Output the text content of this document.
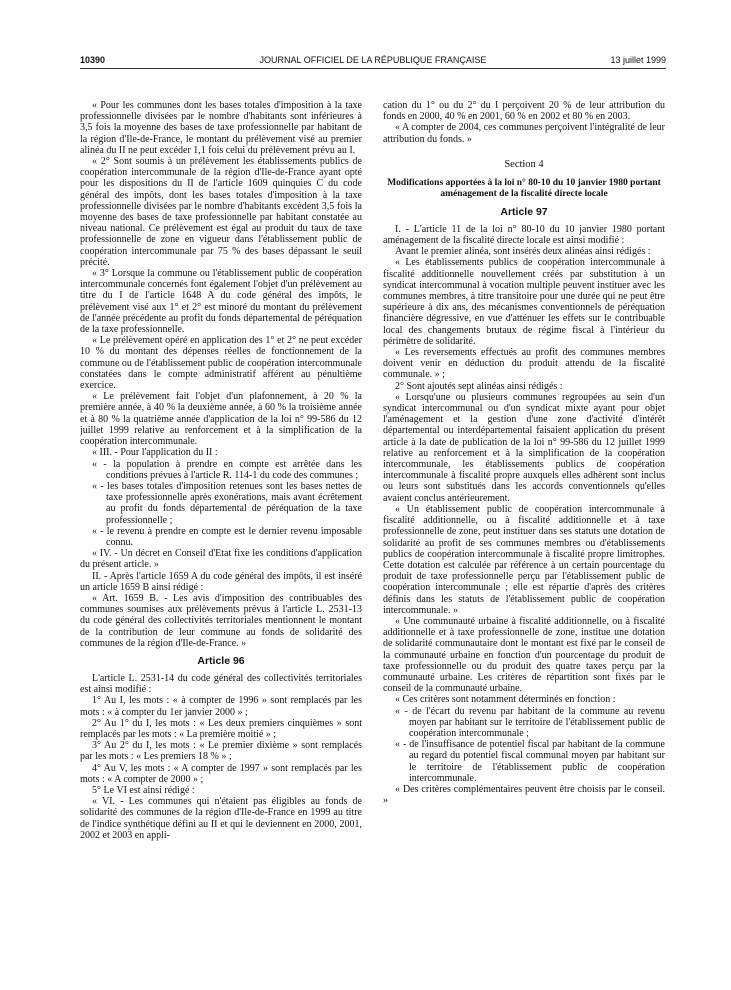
10390	JOURNAL OFFICIEL DE LA RÉPUBLIQUE FRANÇAISE	13 juillet 1999

« Pour les communes dont les bases totales d'imposition à la taxe professionnelle divisées par le nombre d'habitants sont inférieures à 3,5 fois la moyenne des bases de taxe professionnelle par habitant de la région d'Ile-de-France, le montant du prélèvement visé au premier alinéa du II ne peut excéder 1,1 fois celui du prélèvement prévu au I.

« 2° Sont soumis à un prélèvement les établissements publics de coopération intercommunale de la région d'Ile-de-France ayant opté pour les dispositions du II de l'article 1609 quinquies C du code général des impôts, dont les bases totales d'imposition à la taxe professionnelle divisées par le nombre d'habitants excèdent 3,5 fois la moyenne des bases de taxe professionnelle par habitant constatée au niveau national. Ce prélèvement est égal au produit du taux de taxe professionnelle de zone en vigueur dans l'établissement public de coopération intercommunale par 75 % des bases dépassant le seuil précité.

« 3° Lorsque la commune ou l'établissement public de coopération intercommunale concernés font également l'objet d'un prélèvement au titre du I de l'article 1648 A du code général des impôts, le prélèvement visé aux 1° et 2° est minoré du montant du prélèvement de l'année précédente au profit du fonds départemental de péréquation de la taxe professionnelle.

« Le prélèvement opéré en application des 1° et 2° ne peut excéder 10 % du montant des dépenses réelles de fonctionnement de la commune ou de l'établissement public de coopération intercommunale constatées dans le compte administratif afférent au pénultième exercice.

« Le prélèvement fait l'objet d'un plafonnement, à 20 % la première année, à 40 % la deuxième année, à 60 % la troisième année et à 80 % la quatrième année d'application de la loi n° 99-586 du 12 juillet 1999 relative au renforcement et à la simplification de la coopération intercommunale.

« III. - Pour l'application du II :

« - la population à prendre en compte est arrêtée dans les conditions prévues à l'article R. 114-1 du code des communes ;
« - les bases totales d'imposition retenues sont les bases nettes de taxe professionnelle après exonérations, mais avant écrêtement au profit du fonds départemental de péréquation de la taxe professionnelle ;
« - le revenu à prendre en compte est le dernier revenu imposable connu.

« IV. - Un décret en Conseil d'Etat fixe les conditions d'application du présent article. »

II. - Après l'article 1659 A du code général des impôts, il est inséré un article 1659 B ainsi rédigé :

« Art. 1659 B. - Les avis d'imposition des contribuables des communes soumises aux prélèvements prévus à l'article L. 2531-13 du code général des collectivités territoriales mentionnent le montant de la contribution de leur commune au fonds de solidarité des communes de la région d'Ile-de-France. »

Article 96

L'article L. 2531-14 du code général des collectivités territoriales est ainsi modifié :

1° Au I, les mots : « à compter de 1996 » sont remplacés par les mots : « à compter du 1er janvier 2000 » ;

2° Au 1° du I, les mots : « Les deux premiers cinquièmes » sont remplacés par les mots : « La première moitié » ;

3° Au 2° du I, les mots : « Le premier dixième » sont remplacés par les mots : « Les premiers 18 % » ;

4° Au V, les mots : « A compter de 1997 » sont remplacés par les mots : « A compter de 2000 » ;

5° Le VI est ainsi rédigé :

« VI. - Les communes qui n'étaient pas éligibles au fonds de solidarité des communes de la région d'Ile-de-France en 1999 au titre de l'indice synthétique défini au II et qui le deviennent en 2000, 2001, 2002 et 2003 en appli-

cation du 1° ou du 2° du I perçoivent 20 % de leur attribution du fonds en 2000, 40 % en 2001, 60 % en 2002 et 80 % en 2003.

« A compter de 2004, ces communes perçoivent l'intégralité de leur attribution du fonds. »

Section 4
Modifications apportées à la loi n° 80-10 du 10 janvier 1980 portant aménagement de la fiscalité directe locale
Article 97

I. - L'article 11 de la loi n° 80-10 du 10 janvier 1980 portant aménagement de la fiscalité directe locale est ainsi modifié :

Avant le premier alinéa, sont insérés deux alinéas ainsi rédigés :

« Les établissements publics de coopération intercommunale à fiscalité additionnelle nouvellement créés par substitution à un syndicat intercommunal à vocation multiple peuvent instituer avec les communes membres, à titre transitoire pour une durée qui ne peut être supérieure à dix ans, des mécanismes conventionnels de péréquation financière dégressive, en vue d'atténuer les effets sur le contribuable local des changements brutaux de régime fiscal à l'intérieur du périmètre de solidarité.

« Les reversements effectués au profit des communes membres doivent venir en déduction du produit attendu de la fiscalité communale. » ;

2° Sont ajoutés sept alinéas ainsi rédigés :

« Lorsqu'une ou plusieurs communes regroupées au sein d'un syndicat intercommunal ou d'un syndicat mixte ayant pour objet l'aménagement et la gestion d'une zone d'activité d'intérêt départemental ou interdépartemental faisaient application du présent article à la date de publication de la loi n° 99-586 du 12 juillet 1999 relative au renforcement et à la simplification de la coopération intercommunale, les établissements publics de coopération intercommunale à fiscalité propre auxquels elles adhèrent sont inclus ou leurs sont substitués dans les accords conventionnels qu'elles avaient conclus antérieurement.

« Un établissement public de coopération intercommunale à fiscalité additionnelle, ou à fiscalité additionnelle et à taxe professionnelle de zone, peut instituer dans ses statuts une dotation de solidarité au profit de ses communes membres ou d'établissements publics de coopération intercommunale à fiscalité propre limitrophes. Cette dotation est calculée par référence à un certain pourcentage du produit de taxe professionnelle perçu par l'établissement public de coopération intercommunale ; elle est répartie d'après des critères définis dans les statuts de l'établissement public de coopération intercommunale. »

« Une communauté urbaine à fiscalité additionnelle, ou à fiscalité additionnelle et à taxe professionnelle de zone, institue une dotation de solidarité communautaire dont le montant est fixé par le conseil de la communauté urbaine en fonction d'un pourcentage du produit de taxe professionnelle ou du produit des quatre taxes perçu par la communauté urbaine. Les critères de répartition sont fixés par le conseil de la communauté urbaine.

« Ces critères sont notamment déterminés en fonction :

« - de l'écart du revenu par habitant de la commune au revenu moyen par habitant sur le territoire de l'établissement public de coopération intercommunale ;
« - de l'insuffisance de potentiel fiscal par habitant de la commune au regard du potentiel fiscal communal moyen par habitant sur le territoire de l'établissement public de coopération intercommunale.

« Des critères complémentaires peuvent être choisis par le conseil. »
